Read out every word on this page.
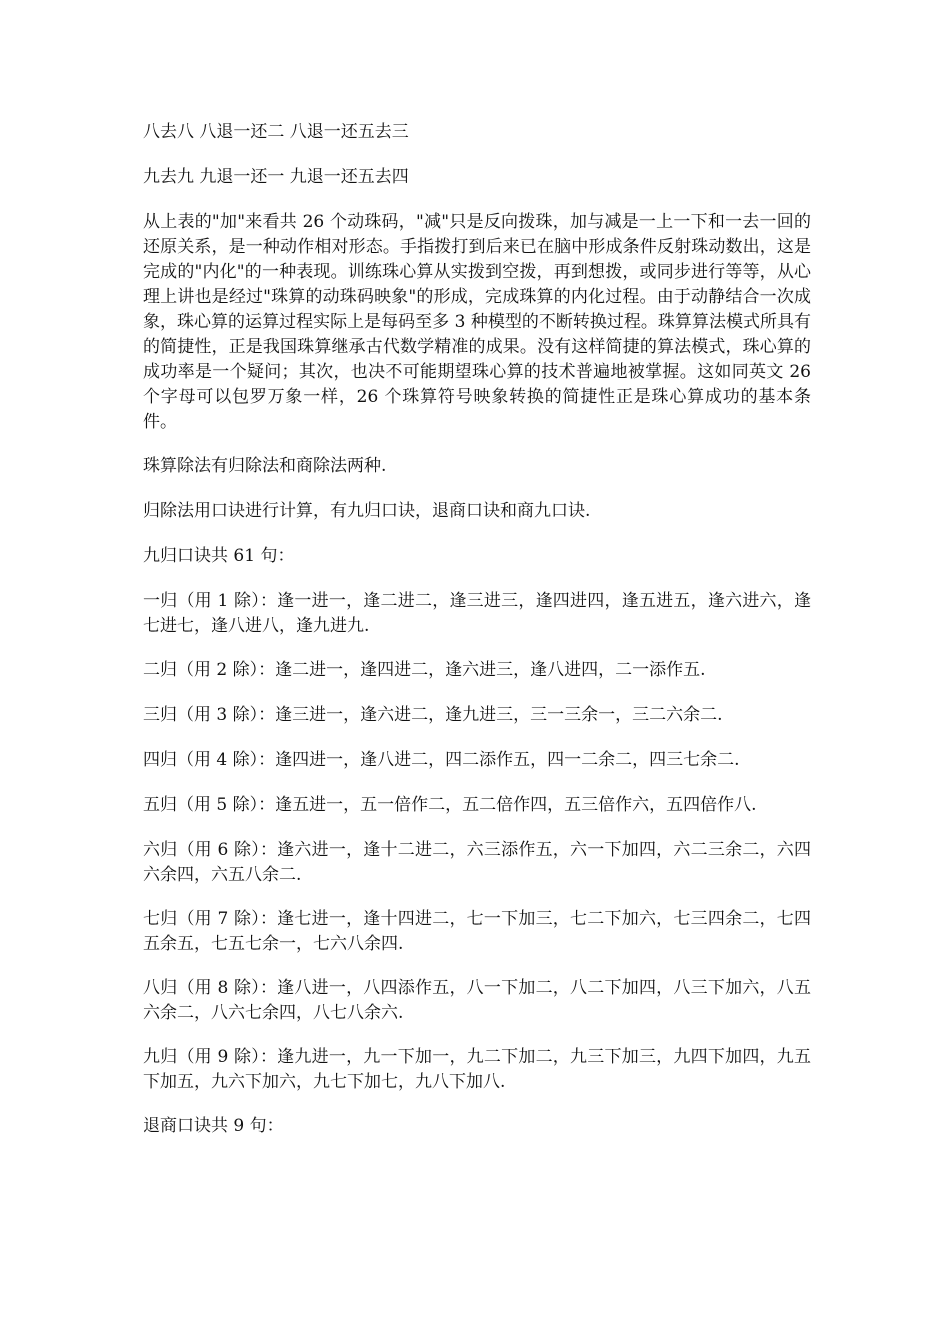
八去八 八退一还二 八退一还五去三

九去九 九退一还一 九退一还五去四

从上表的"加"来看共 26 个动珠码，"减"只是反向拨珠，加与减是一上一下和一去一回的还原关系，是一种动作相对形态。手指拨打到后来已在脑中形成条件反射珠动数出，这是完成的"内化"的一种表现。训练珠心算从实拨到空拨，再到想拨，或同步进行等等，从心理上讲也是经过"珠算的动珠码映象"的形成，完成珠算的内化过程。由于动静结合一次成象，珠心算的运算过程实际上是每码至多 3 种模型的不断转换过程。珠算算法模式所具有的简捷性，正是我国珠算继承古代数学精准的成果。没有这样简捷的算法模式，珠心算的成功率是一个疑问；其次，也决不可能期望珠心算的技术普遍地被掌握。这如同英文 26 个字母可以包罗万象一样，26 个珠算符号映象转换的简捷性正是珠心算成功的基本条件。

珠算除法有归除法和商除法两种.

归除法用口诀进行计算，有九归口诀，退商口诀和商九口诀.

九归口诀共 61 句：

一归（用 1 除）：逢一进一，逢二进二，逢三进三，逢四进四，逢五进五，逢六进六，逢七进七，逢八进八，逢九进九.

二归（用 2 除）：逢二进一，逢四进二，逢六进三，逢八进四，二一添作五.

三归（用 3 除）：逢三进一，逢六进二，逢九进三，三一三余一，三二六余二.

四归（用 4 除）：逢四进一，逢八进二，四二添作五，四一二余二，四三七余二.

五归（用 5 除）：逢五进一，五一倍作二，五二倍作四，五三倍作六，五四倍作八.

六归（用 6 除）：逢六进一，逢十二进二，六三添作五，六一下加四，六二三余二，六四六余四，六五八余二.

七归（用 7 除）：逢七进一，逢十四进二，七一下加三，七二下加六，七三四余二，七四五余五，七五七余一，七六八余四.

八归（用 8 除）：逢八进一，八四添作五，八一下加二，八二下加四，八三下加六，八五六余二，八六七余四，八七八余六.

九归（用 9 除）：逢九进一，九一下加一，九二下加二，九三下加三，九四下加四，九五下加五，九六下加六，九七下加七，九八下加八.

退商口诀共 9 句：
